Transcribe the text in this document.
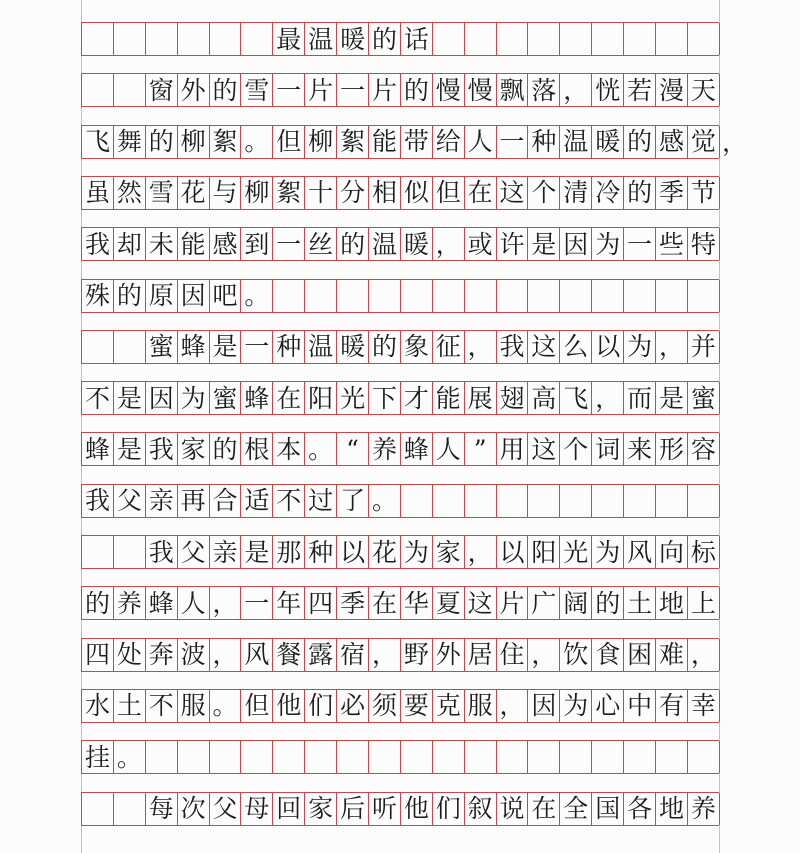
最 温 暖 的 话
窗 外 的 雪 一 片 一 片 的 慢 慢 飘 落 ， 恍 若 漫 天
飞 舞 的 柳 絮 。 但 柳 絮 能 带 给 人 一 种 温 暖 的 感 觉 ，
虽 然 雪 花 与 柳 絮 十 分 相 似 但 在 这 个 清 冷 的 季 节
我 却 未 能 感 到 一 丝 的 温 暖 ， 或 许 是 因 为 一 些 特
殊 的 原 因 吧 。
蜜 蜂 是 一 种 温 暖 的 象 征 ， 我 这 么 以 为 ， 并
不 是 因 为 蜜 蜂 在 阳 光 下 才 能 展 翅 高 飞 ， 而 是 蜜
蜂 是 我 家 的 根 本 。 “ 养 蜂 人 ” 用 这 个 词 来 形 容
我 父 亲 再 合 适 不 过 了 。
我 父 亲 是 那 种 以 花 为 家 ， 以 阳 光 为 风 向 标
的 养 蜂 人 ， 一 年 四 季 在 华 夏 这 片 广 阔 的 土 地 上
四 处 奔 波 ， 风 餐 露 宿 ， 野 外 居 住 ， 饮 食 困 难 ，
水 土 不 服 。 但 他 们 必 须 要 克 服 ， 因 为 心 中 有 幸
挂 。
每 次 父 母 回 家 后 听 他 们 叙 说 在 全 国 各 地 养
